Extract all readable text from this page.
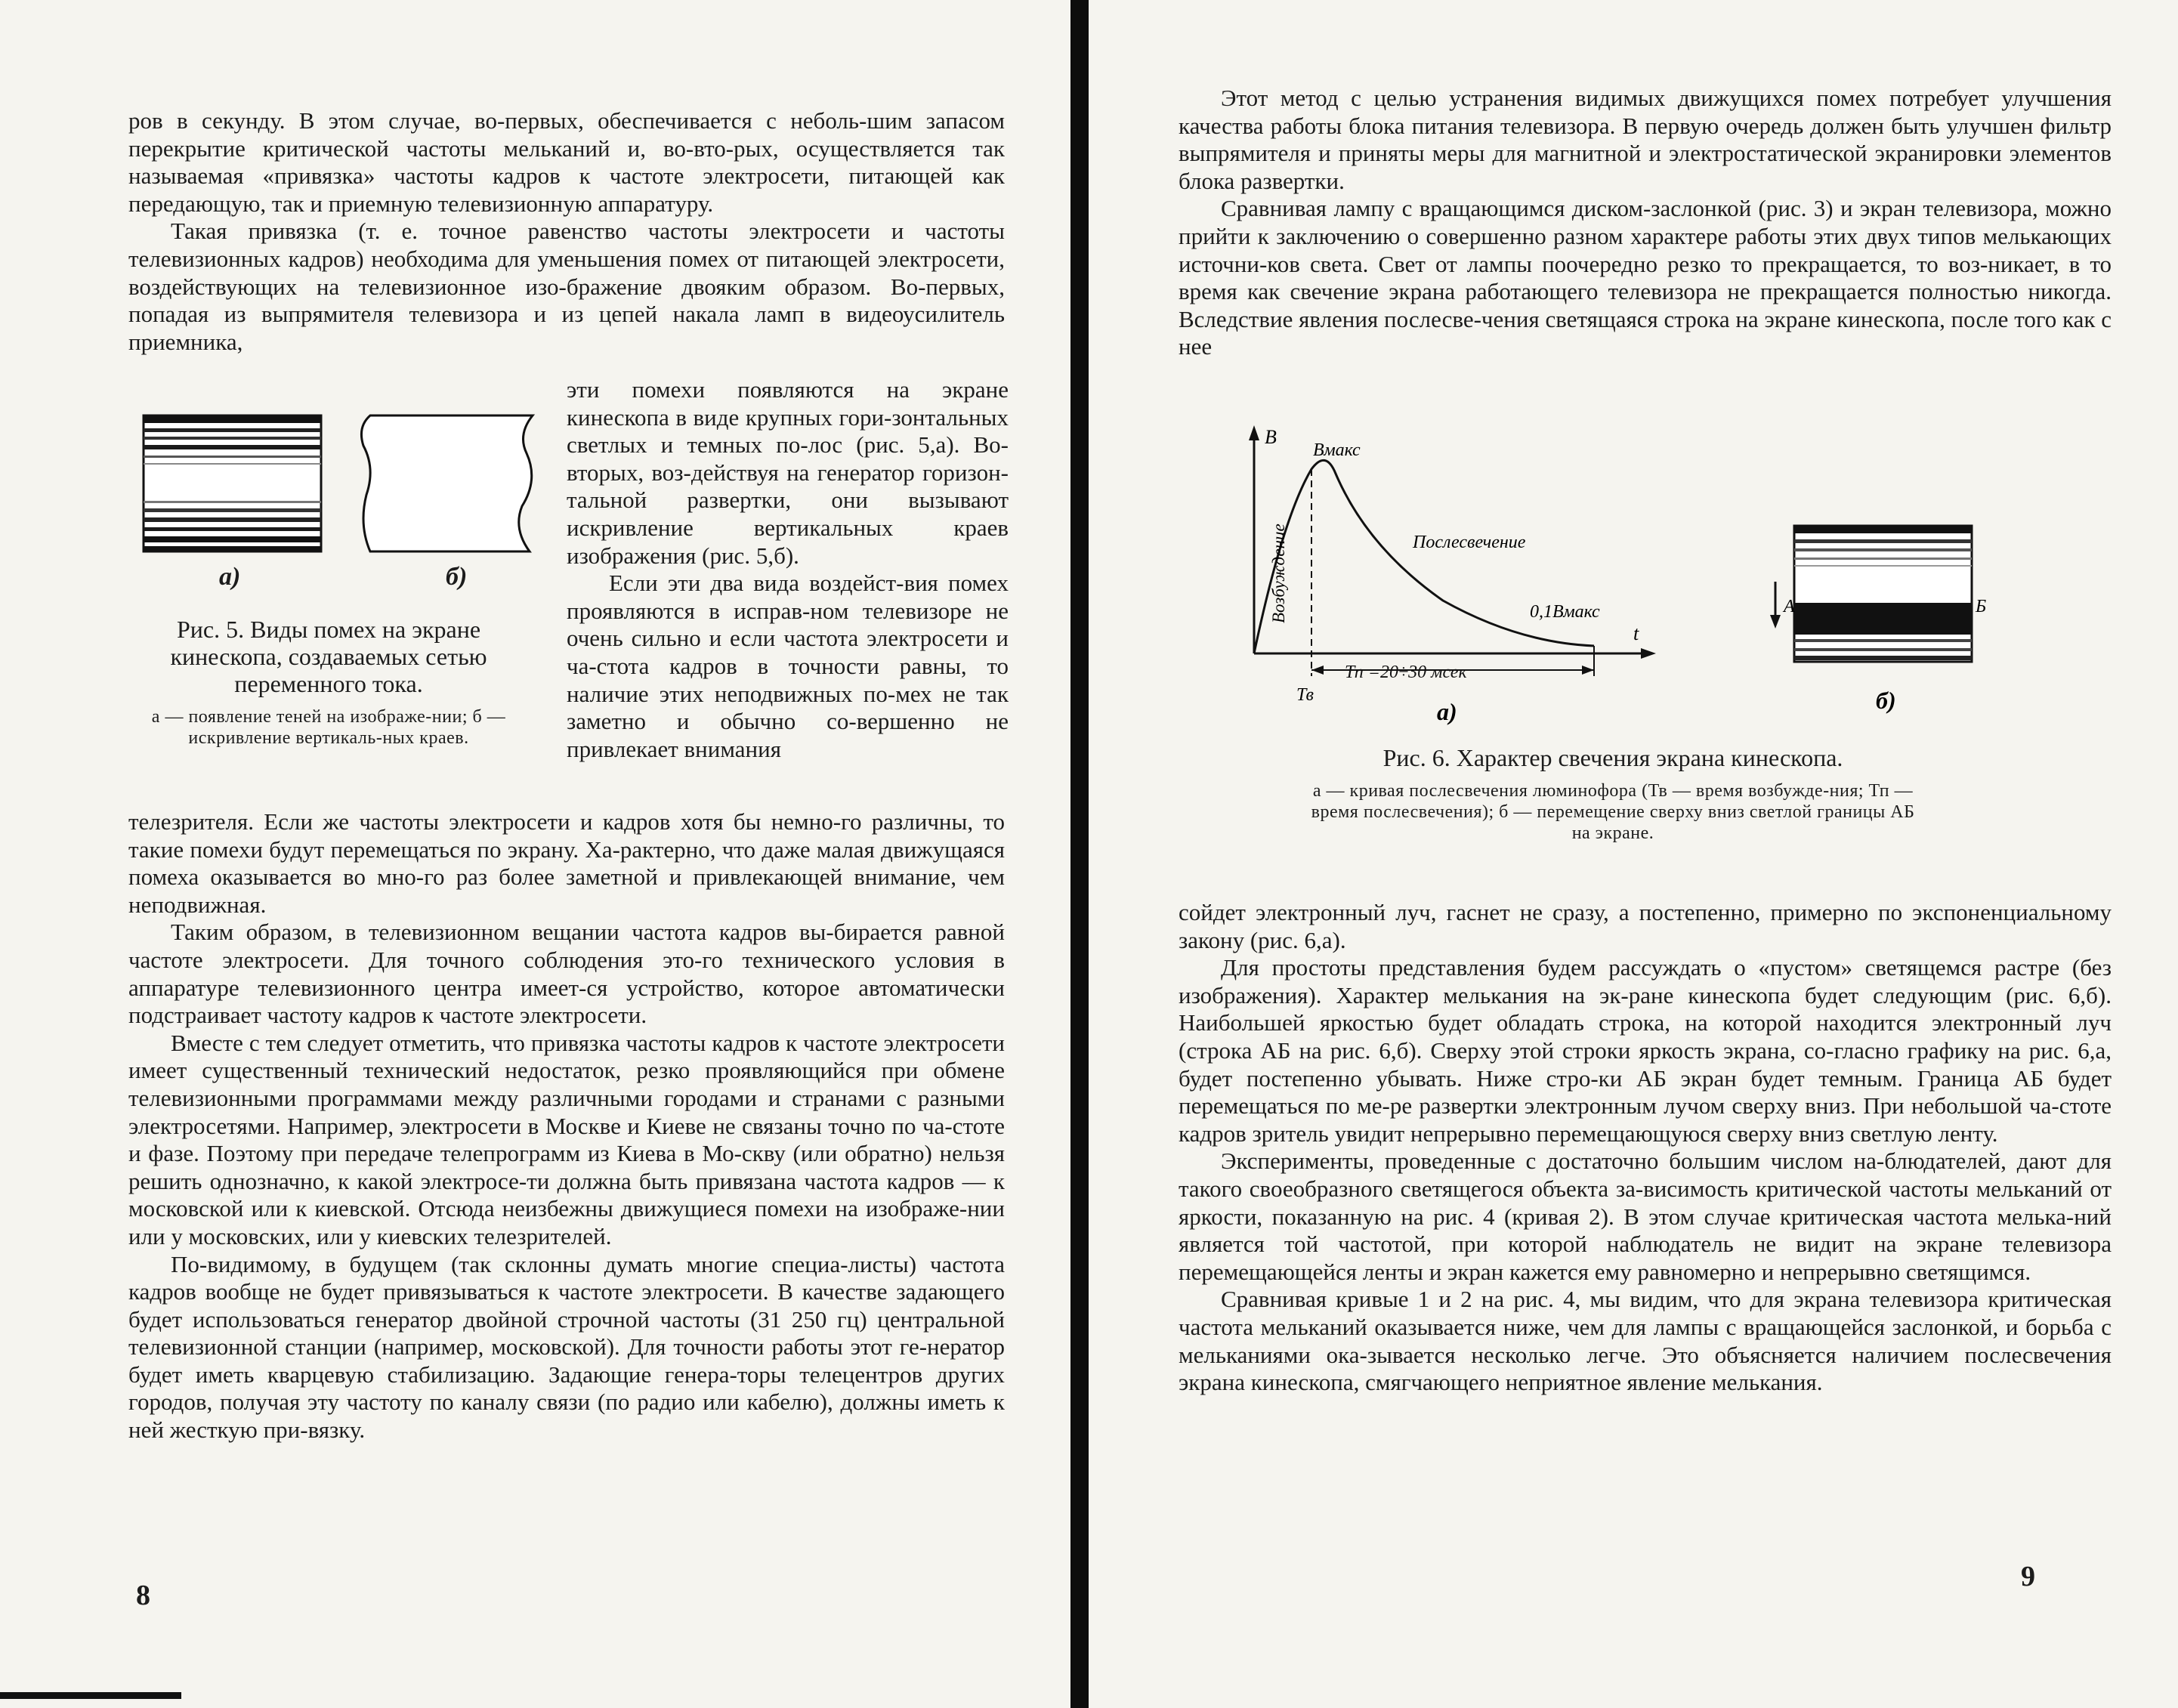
ров в секунду. В этом случае, во-первых, обеспечивается с неболь-шим запасом перекрытие критической частоты мельканий и, во-вто-рых, осуществляется так называемая «привязка» частоты кадров к частоте электросети, питающей как передающую, так и приемную телевизионную аппаратуру.

Такая привязка (т. е. точное равенство частоты электросети и частоты телевизионных кадров) необходима для уменьшения помех от питающей электросети, воздействующих на телевизионное изо-бражение двояким образом. Во-первых, попадая из выпрямителя телевизора и из цепей накала ламп в видеоусилитель приемника,

а)	б)
Рис. 5. Виды помех на экране кинескопа, создаваемых сетью переменного тока.
а — появление теней на изображе-нии; б — искривление вертикаль-ных краев.

эти помехи появляются на экране кинескопа в виде крупных гори-зонтальных светлых и темных по-лос (рис. 5,а). Во-вторых, воз-действуя на генератор горизон-тальной развертки, они вызывают искривление вертикальных краев изображения (рис. 5,б).

Если эти два вида воздейст-вия помех проявляются в исправ-ном телевизоре не очень сильно и если частота электросети и ча-стота кадров в точности равны, то наличие этих неподвижных по-мех не так заметно и обычно со-вершенно не привлекает внимания

телезрителя. Если же частоты электросети и кадров хотя бы немно-го различны, то такие помехи будут перемещаться по экрану. Ха-рактерно, что даже малая движущаяся помеха оказывается во мно-го раз более заметной и привлекающей внимание, чем неподвижная.

Таким образом, в телевизионном вещании частота кадров вы-бирается равной частоте электросети. Для точного соблюдения это-го технического условия в аппаратуре телевизионного центра имеет-ся устройство, которое автоматически подстраивает частоту кадров к частоте электросети.

Вместе с тем следует отметить, что привязка частоты кадров к частоте электросети имеет существенный технический недостаток, резко проявляющийся при обмене телевизионными программами между различными городами и странами с разными электросетями. Например, электросети в Москве и Киеве не связаны точно по ча-стоте и фазе. Поэтому при передаче телепрограмм из Киева в Мо-скву (или обратно) нельзя решить однозначно, к какой электросе-ти должна быть привязана частота кадров — к московской или к киевской. Отсюда неизбежны движущиеся помехи на изображе-нии или у московских, или у киевских телезрителей.

По-видимому, в будущем (так склонны думать многие специа-листы) частота кадров вообще не будет привязываться к частоте электросети. В качестве задающего будет использоваться генератор двойной строчной частоты (31 250 гц) центральной телевизионной станции (например, московской). Для точности работы этот ге-нератор будет иметь кварцевую стабилизацию. Задающие генера-торы телецентров других городов, получая эту частоту по каналу связи (по радио или кабелю), должны иметь к ней жесткую при-вязку.

8

Этот метод с целью устранения видимых движущихся помех потребует улучшения качества работы блока питания телевизора. В первую очередь должен быть улучшен фильтр выпрямителя и приняты меры для магнитной и электростатической экранировки элементов блока развертки.

Сравнивая лампу с вращающимся диском-заслонкой (рис. 3) и экран телевизора, можно прийти к заключению о совершенно разном характере работы этих двух типов мелькающих источни-ков света. Свет от лампы поочередно резко то прекращается, то воз-никает, в то время как свечение экрана работающего телевизора не прекращается полностью никогда. Вследствие явления послесве-чения светящаяся строка на экране кинескопа, после того как с нее

В
t
Вмакс
Возбуждение	Послесвечение
0,1Вмакс
Тп =20÷30 мсек
Тв
а)
А	Б
б)
Рис. 6. Характер свечения экрана кинескопа.
а — кривая послесвечения люминофора (Тв — время возбужде-ния; Тп — время послесвечения); б — перемещение сверху вниз светлой границы АБ на экране.

сойдет электронный луч, гаснет не сразу, а постепенно, примерно по экспоненциальному закону (рис. 6,а).

Для простоты представления будем рассуждать о «пустом» светящемся растре (без изображения). Характер мелькания на эк-ране кинескопа будет следующим (рис. 6,б). Наибольшей яркостью будет обладать строка, на которой находится электронный луч (строка АБ на рис. 6,б). Сверху этой строки яркость экрана, со-гласно графику на рис. 6,а, будет постепенно убывать. Ниже стро-ки АБ экран будет темным. Граница АБ будет перемещаться по ме-ре развертки электронным лучом сверху вниз. При небольшой ча-стоте кадров зритель увидит непрерывно перемещающуюся сверху вниз светлую ленту.

Эксперименты, проведенные с достаточно большим числом на-блюдателей, дают для такого своеобразного светящегося объекта за-висимость критической частоты мельканий от яркости, показанную на рис. 4 (кривая 2). В этом случае критическая частота мелька-ний является той частотой, при которой наблюдатель не видит на экране телевизора перемещающейся ленты и экран кажется ему равномерно и непрерывно светящимся.

Сравнивая кривые 1 и 2 на рис. 4, мы видим, что для экрана телевизора критическая частота мельканий оказывается ниже, чем для лампы с вращающейся заслонкой, и борьба с мельканиями ока-зывается несколько легче. Это объясняется наличием послесвечения экрана кинескопа, смягчающего неприятное явление мелькания.

9
